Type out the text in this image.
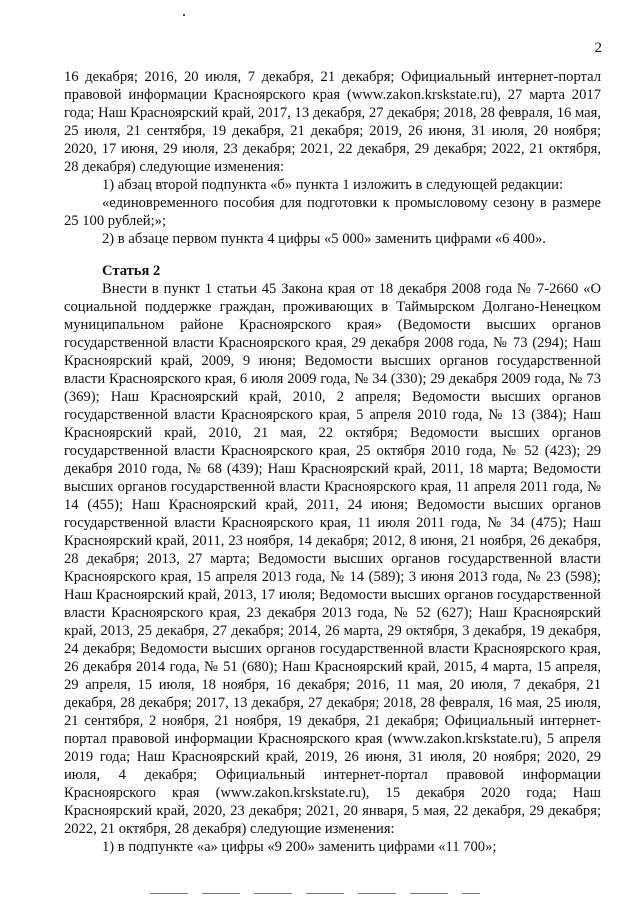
2

16 декабря; 2016, 20 июля, 7 декабря, 21 декабря; Официальный интернет-портал правовой информации Красноярского края (www.zakon.krskstate.ru), 27 марта 2017 года; Наш Красноярский край, 2017, 13 декабря, 27 декабря; 2018, 28 февраля, 16 мая, 25 июля, 21 сентября, 19 декабря, 21 декабря; 2019, 26 июня, 31 июля, 20 ноября; 2020, 17 июня, 29 июля, 23 декабря; 2021, 22 декабря, 29 декабря; 2022, 21 октября, 28 декабря) следующие изменения:

1) абзац второй подпункта «б» пункта 1 изложить в следующей редакции:

«единовременного пособия для подготовки к промысловому сезону в размере 25 100 рублей;»;

2) в абзаце первом пункта 4 цифры «5 000» заменить цифрами «6 400».

Статья 2

Внести в пункт 1 статьи 45 Закона края от 18 декабря 2008 года № 7-2660 «О социальной поддержке граждан, проживающих в Таймырском Долгано-Ненецком муниципальном районе Красноярского края» (Ведомости высших органов государственной власти Красноярского края, 29 декабря 2008 года, № 73 (294); Наш Красноярский край, 2009, 9 июня; Ведомости высших органов государственной власти Красноярского края, 6 июля 2009 года, № 34 (330); 29 декабря 2009 года, № 73 (369); Наш Красноярский край, 2010, 2 апреля; Ведомости высших органов государственной власти Красноярского края, 5 апреля 2010 года, № 13 (384); Наш Красноярский край, 2010, 21 мая, 22 октября; Ведомости высших органов государственной власти Красноярского края, 25 октября 2010 года, № 52 (423); 29 декабря 2010 года, № 68 (439); Наш Красноярский край, 2011, 18 марта; Ведомости высших органов государственной власти Красноярского края, 11 апреля 2011 года, № 14 (455); Наш Красноярский край, 2011, 24 июня; Ведомости высших органов государственной власти Красноярского края, 11 июля 2011 года, № 34 (475); Наш Красноярский край, 2011, 23 ноября, 14 декабря; 2012, 8 июня, 21 ноября, 26 декабря, 28 декабря; 2013, 27 марта; Ведомости высших органов государственной власти Красноярского края, 15 апреля 2013 года, № 14 (589); 3 июня 2013 года, № 23 (598); Наш Красноярский край, 2013, 17 июля; Ведомости высших органов государственной власти Красноярского края, 23 декабря 2013 года, № 52 (627); Наш Красноярский край, 2013, 25 декабря, 27 декабря; 2014, 26 марта, 29 октября, 3 декабря, 19 декабря, 24 декабря; Ведомости высших органов государственной власти Красноярского края, 26 декабря 2014 года, № 51 (680); Наш Красноярский край, 2015, 4 марта, 15 апреля, 29 апреля, 15 июля, 18 ноября, 16 декабря; 2016, 11 мая, 20 июля, 7 декабря, 21 декабря, 28 декабря; 2017, 13 декабря, 27 декабря; 2018, 28 февраля, 16 мая, 25 июля, 21 сентября, 2 ноября, 21 ноября, 19 декабря, 21 декабря; Официальный интернет-портал правовой информации Красноярского края (www.zakon.krskstate.ru), 5 апреля 2019 года; Наш Красноярский край, 2019, 26 июня, 31 июля, 20 ноября; 2020, 29 июля, 4 декабря; Официальный интернет-портал правовой информации Красноярского края (www.zakon.krskstate.ru), 15 декабря 2020 года; Наш Красноярский край, 2020, 23 декабря; 2021, 20 января, 5 мая, 22 декабря, 29 декабря; 2022, 21 октября, 28 декабря) следующие изменения:

1) в подпункте «а» цифры «9 200» заменить цифрами «11 700»;
